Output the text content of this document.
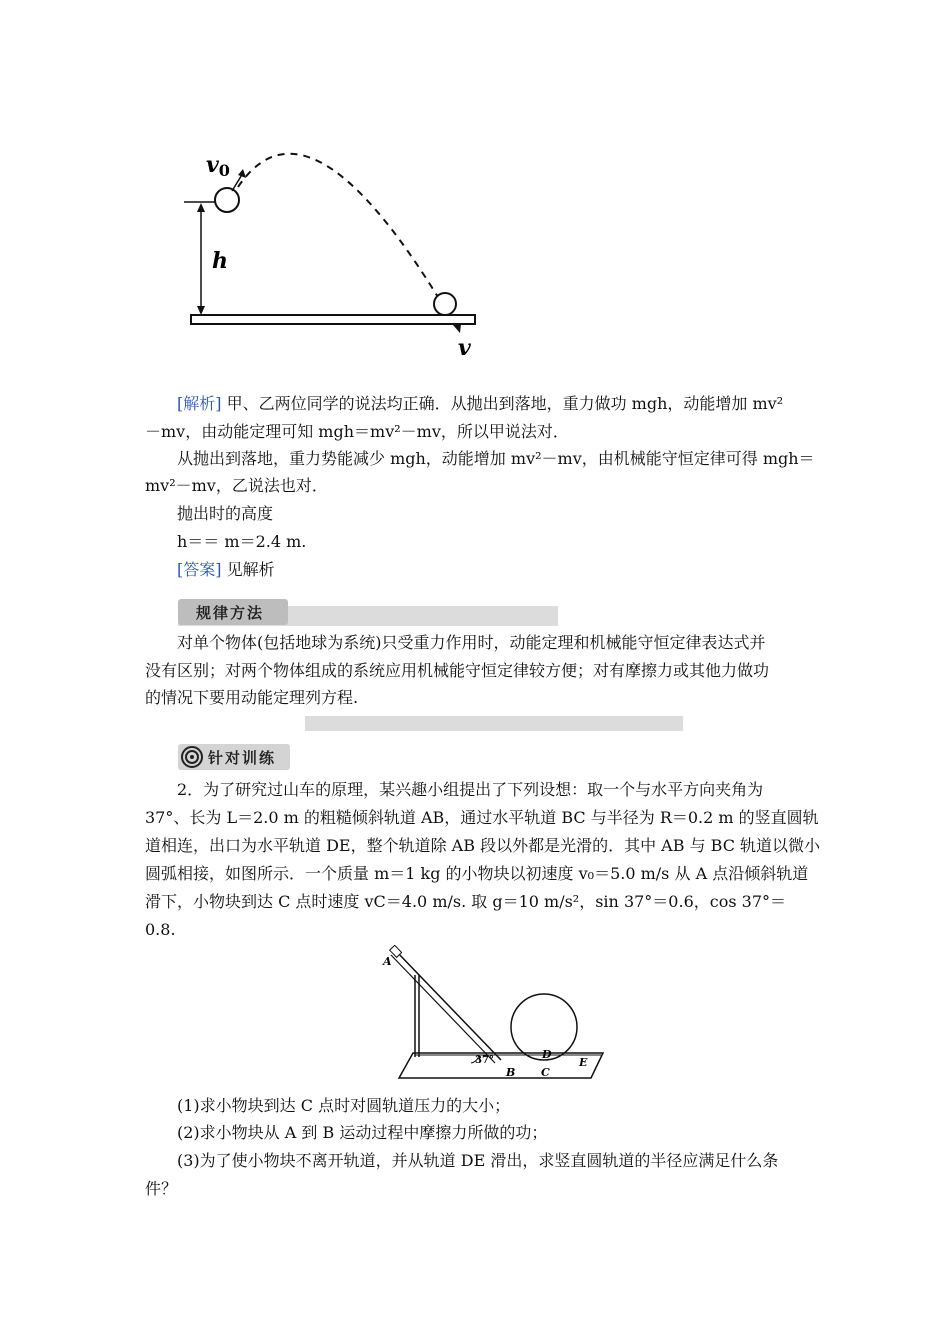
v0
h
v
[解析] 甲、乙两位同学的说法均正确．从抛出到落地，重力做功 mgh，动能增加 mv²
－mv，由动能定理可知 mgh＝mv²－mv，所以甲说法对．
从抛出到落地，重力势能减少 mgh，动能增加 mv²－mv，由机械能守恒定律可得 mgh＝
mv²－mv，乙说法也对．
抛出时的高度
h＝＝ m＝2.4 m.
[答案] 见解析
规律方法
对单个物体(包括地球为系统)只受重力作用时，动能定理和机械能守恒定律表达式并
没有区别；对两个物体组成的系统应用机械能守恒定律较方便；对有摩擦力或其他力做功
的情况下要用动能定理列方程.
针对训练
2．为了研究过山车的原理，某兴趣小组提出了下列设想：取一个与水平方向夹角为
37°、长为 L＝2.0 m 的粗糙倾斜轨道 AB，通过水平轨道 BC 与半径为 R＝0.2 m 的竖直圆轨
道相连，出口为水平轨道 DE，整个轨道除 AB 段以外都是光滑的．其中 AB 与 BC 轨道以微小
圆弧相接，如图所示．一个质量 m＝1 kg 的小物块以初速度 v₀＝5.0 m/s 从 A 点沿倾斜轨道
滑下，小物块到达 C 点时速度 vC＝4.0 m/s. 取 g＝10 m/s²，sin 37°＝0.6，cos 37°＝
0.8.
A
37°
B C
D
E
(1)求小物块到达 C 点时对圆轨道压力的大小；
(2)求小物块从 A 到 B 运动过程中摩擦力所做的功；
(3)为了使小物块不离开轨道，并从轨道 DE 滑出，求竖直圆轨道的半径应满足什么条
件？
